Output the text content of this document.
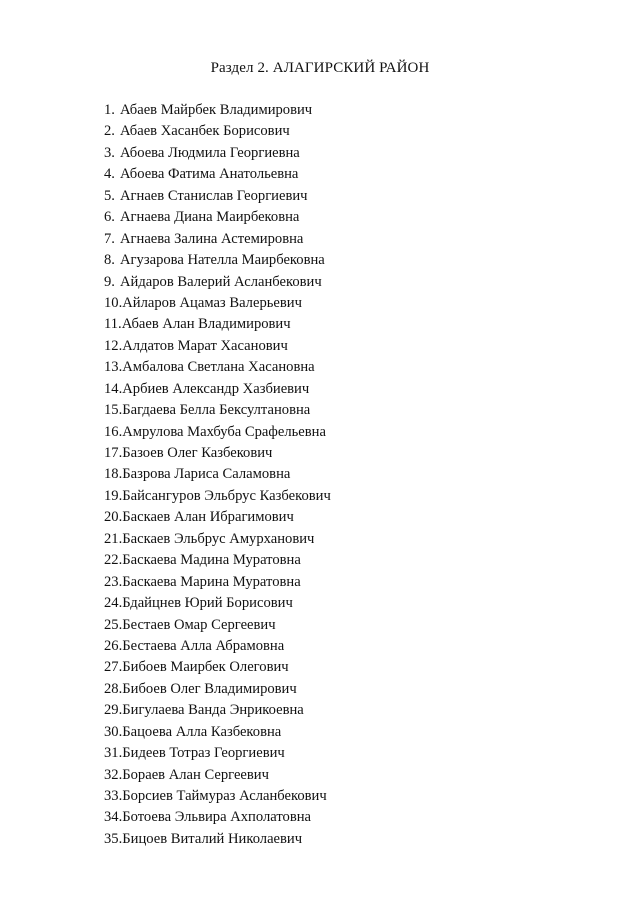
Раздел 2. АЛАГИРСКИЙ РАЙОН
1. Абаев Майрбек Владимирович
2. Абаев Хасанбек Борисович
3. Абоева Людмила Георгиевна
4. Абоева Фатима Анатольевна
5. Агнаев Станислав Георгиевич
6. Агнаева Диана Маирбековна
7. Агнаева Залина Астемировна
8. Агузарова Нателла Маирбековна
9. Айдаров Валерий Асланбекович
10.Айларов Ацамаз Валерьевич
11.Абаев Алан Владимирович
12.Алдатов Марат Хасанович
13.Амбалова Светлана Хасановна
14.Арбиев Александр Хазбиевич
15.Багдаева Белла Бексултановна
16.Амрулова Махбуба Срафельевна
17.Базоев Олег Казбекович
18.Базрова Лариса Саламовна
19.Байсангуров Эльбрус Казбекович
20.Баскаев Алан Ибрагимович
21.Баскаев Эльбрус Амурханович
22.Баскаева Мадина Муратовна
23.Баскаева Марина Муратовна
24.Бдайцнев Юрий Борисович
25.Бестаев Омар Сергеевич
26.Бестаева Алла Абрамовна
27.Бибоев Маирбек Олегович
28.Бибоев Олег Владимирович
29.Бигулаева Ванда Энрикоевна
30.Бацоева Алла Казбековна
31.Бидеев Тотраз Георгиевич
32.Бораев Алан Сергеевич
33.Борсиев Таймураз Асланбекович
34.Ботоева Эльвира Ахполатовна
35.Бицоев Виталий Николаевич
